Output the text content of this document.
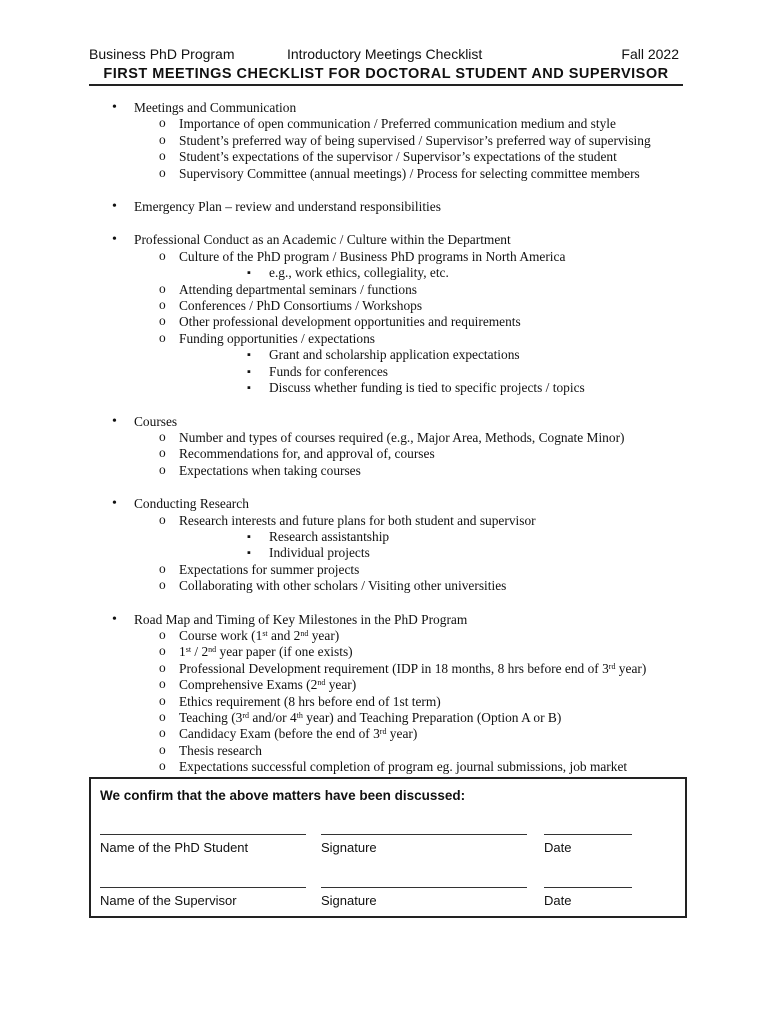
Business PhD Program	Introductory Meetings Checklist	Fall 2022
FIRST MEETINGS CHECKLIST FOR DOCTORAL STUDENT AND SUPERVISOR
• Meetings and Communication
o Importance of open communication / Preferred communication medium and style
o Student’s preferred way of being supervised / Supervisor’s preferred way of supervising
o Student’s expectations of the supervisor / Supervisor’s expectations of the student
o Supervisory Committee (annual meetings) / Process for selecting committee members
• Emergency Plan – review and understand responsibilities
• Professional Conduct as an Academic / Culture within the Department
o Culture of the PhD program / Business PhD programs in North America
▪ e.g., work ethics, collegiality, etc.
o Attending departmental seminars / functions
o Conferences / PhD Consortiums / Workshops
o Other professional development opportunities and requirements
o Funding opportunities / expectations
▪ Grant and scholarship application expectations
▪ Funds for conferences
▪ Discuss whether funding is tied to specific projects / topics
• Courses
o Number and types of courses required (e.g., Major Area, Methods, Cognate Minor)
o Recommendations for, and approval of, courses
o Expectations when taking courses
• Conducting Research
o Research interests and future plans for both student and supervisor
▪ Research assistantship
▪ Individual projects
o Expectations for summer projects
o Collaborating with other scholars / Visiting other universities
• Road Map and Timing of Key Milestones in the PhD Program
o Course work (1st and 2nd year)
o 1st / 2nd year paper (if one exists)
o Professional Development requirement (IDP in 18 months, 8 hrs before end of 3rd year)
o Comprehensive Exams (2nd year)
o Ethics requirement (8 hrs before end of 1st term)
o Teaching (3rd and/or 4th year) and Teaching Preparation (Option A or B)
o Candidacy Exam (before the end of 3rd year)
o Thesis research
o Expectations successful completion of program eg. journal submissions, job market
We confirm that the above matters have been discussed:
Name of the PhD Student	Signature	Date
Name of the Supervisor	Signature	Date
